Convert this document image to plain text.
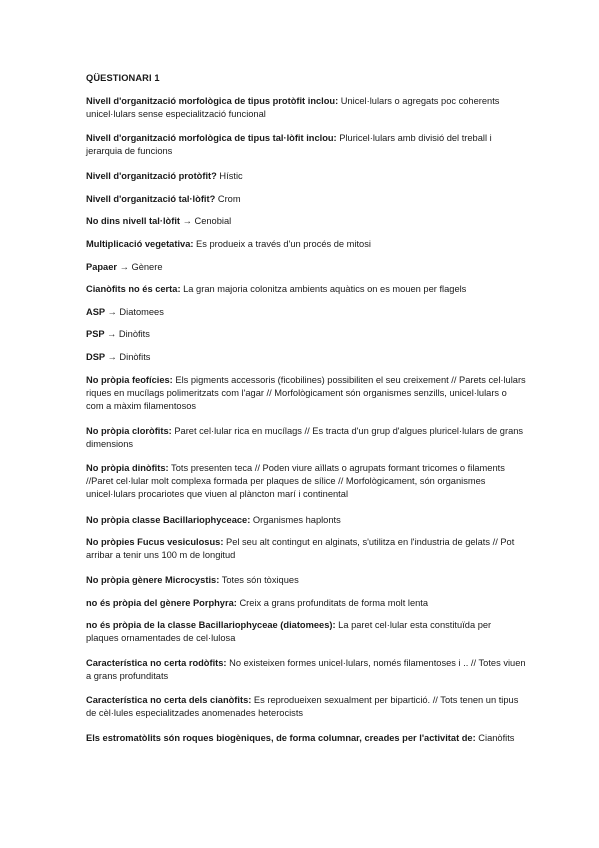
QÜESTIONARI 1
Nivell d'organització morfològica de tipus protòfit inclou: Unicel·lulars o agregats poc coherents unicel·lulars sense especialització funcional
Nivell d'organització morfològica de tipus tal·lòfit inclou: Pluricel·lulars amb divisió del treball i jerarquia de funcions
Nivell d'organització protòfit? Hístic
Nivell d'organització tal·lòfit? Crom
No dins nivell tal·lòfit → Cenobial
Multiplicació vegetativa: Es produeix a través d'un procés de mitosi
Papaer → Gènere
Cianòfits no és certa: La gran majoria colonitza ambients aquàtics on es mouen per flagels
ASP → Diatomees
PSP → Dinòfits
DSP → Dinòfits
No pròpia feofícies: Els pigments accessoris (ficobilines) possibiliten el seu creixement // Parets cel·lulars riques en mucílags polimeritzats com l'agar // Morfològicament són organismes senzills, unicel·lulars o com a màxim filamentosos
No pròpia cloròfits: Paret cel·lular rica en mucílags // Es tracta d'un grup d'algues pluricel·lulars de grans dimensions
No pròpia dinòfits: Tots presenten teca // Poden viure aïllats o agrupats formant tricomes o filaments //Paret cel·lular molt complexa formada per plaques de sílice // Morfològicament, són organismes unicel·lulars procariotes que viuen al plàncton marí i continental
No pròpia classe Bacillariophyceace: Organismes haplonts
No pròpies Fucus vesiculosus: Pel seu alt contingut en alginats, s'utilitza en l'industria de gelats // Pot arribar a tenir uns 100 m de longitud
No pròpia gènere Microcystis: Totes són tòxiques
no és pròpia del gènere Porphyra: Creix a grans profunditats de forma molt lenta
no és pròpia de la classe Bacillariophyceae (diatomees): La paret cel·lular esta constituïda per plaques ornamentades de cel·lulosa
Característica no certa rodòfits: No existeixen formes unicel·lulars, només filamentoses i .. // Totes viuen a grans profunditats
Característica no certa dels cianòfits: Es reprodueixen sexualment per bipartició. // Tots tenen un tipus de cèl·lules especialitzades anomenades heterocists
Els estromatòlits són roques biogèniques, de forma columnar, creades per l'activitat de: Cianòfits
